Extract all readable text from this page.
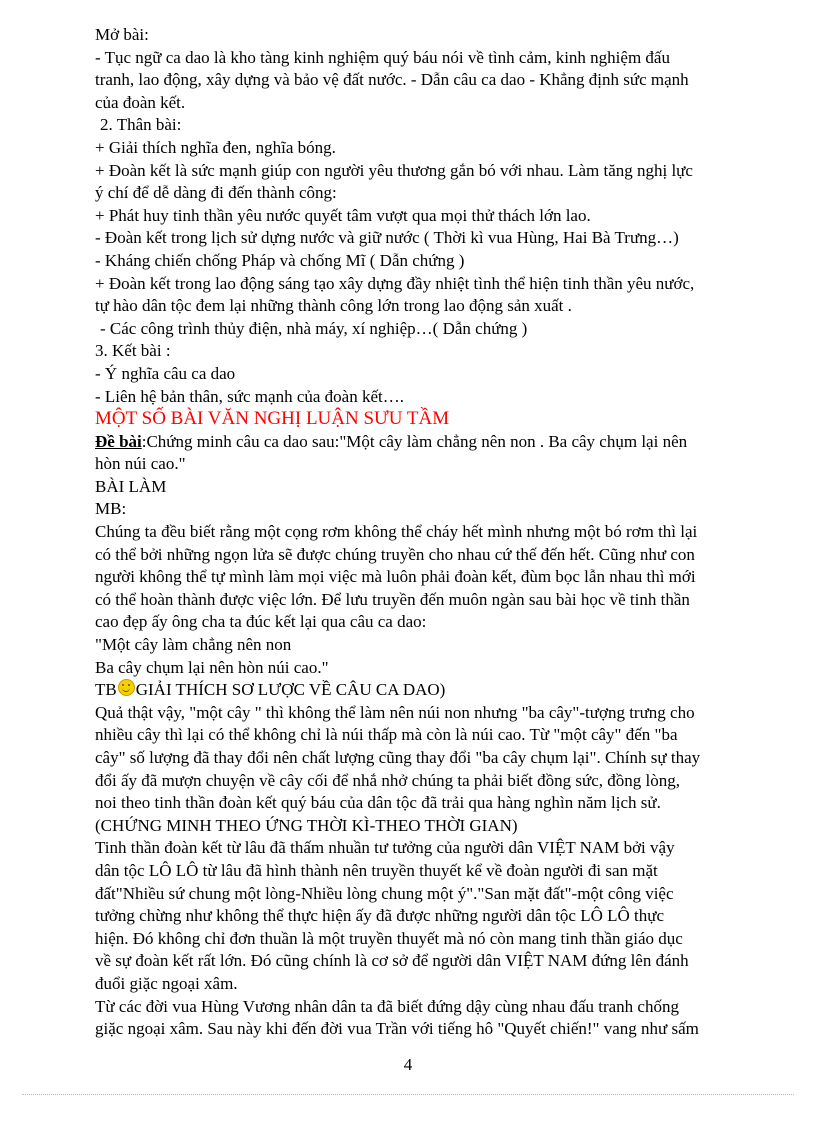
Mở bài:

- Tục ngữ ca dao là kho tàng kinh nghiệm quý báu nói về tình cảm, kinh nghiệm đấu

tranh, lao động, xây dựng và bảo vệ đất nước. - Dẫn câu ca dao - Khẳng định sức mạnh

của đoàn kết.

2. Thân bài:

+ Giải thích nghĩa đen, nghĩa bóng.

+ Đoàn kết là sức mạnh giúp con người yêu thương gắn bó với nhau. Làm tăng nghị lực

ý chí để dễ dàng đi đến thành công:

+ Phát huy tinh thần yêu nước quyết tâm vượt qua mọi thử thách lớn lao.

- Đoàn kết trong lịch sử dựng nước và giữ nước ( Thời kì vua Hùng, Hai Bà Trưng…)

- Kháng chiến chống Pháp và chống Mĩ ( Dẫn chứng )

+ Đoàn kết trong lao động sáng tạo xây dựng đầy nhiệt tình thể hiện tinh thần yêu nước,

tự hào dân tộc đem lại những thành công lớn trong lao động sản xuất .

- Các công trình thủy điện, nhà máy, xí nghiệp…( Dẫn chứng )

3. Kết bài :

- Ý nghĩa câu ca dao

- Liên hệ bản thân, sức mạnh của đoàn kết….

MỘT SỐ BÀI VĂN NGHỊ LUẬN SƯU TẦM

Đề bài:Chứng minh câu ca dao sau:"Một cây làm chẳng nên non . Ba cây chụm lại nên

hòn núi cao."

BÀI LÀM

MB:

Chúng ta đều biết rằng một cọng rơm không thể cháy hết mình nhưng một bó rơm thì lại

có thể bởi những ngọn lửa sẽ được chúng truyền cho nhau cứ thế đến hết. Cũng như con

người không thể tự mình làm mọi việc mà luôn phải đoàn kết, đùm bọc lẫn nhau thì mới

có thể hoàn thành được việc lớn. Để lưu truyền đến muôn ngàn sau bài học về tinh thần

cao đẹp ấy ông cha ta đúc kết lại qua câu ca dao:

"Một cây làm chẳng nên non

Ba cây chụm lại nên hòn núi cao."

TB GIẢI THÍCH SƠ LƯỢC VỀ CÂU CA DAO)

Quả thật vậy, "một cây " thì không thể làm nên núi non nhưng "ba cây"-tượng trưng cho

nhiều cây thì lại có thể không chỉ là núi thấp mà còn là núi cao. Từ "một cây" đến "ba

cây" số lượng đã thay đổi nên chất lượng cũng thay đổi "ba cây chụm lại". Chính sự thay

đổi ấy đã mượn chuyện về cây cối để nhắ nhở chúng ta phải biết đồng sức, đồng lòng,

noi theo tinh thần đoàn kết quý báu của dân tộc đã trải qua hàng nghìn năm lịch sử.

(CHỨNG MINH THEO ỨNG THỜI KÌ-THEO THỜI GIAN)

Tinh thần đoàn kết từ lâu đã thấm nhuần tư tưởng của người dân VIỆT NAM bởi vậy

dân tộc LÔ LÔ từ lâu đã hình thành nên truyền thuyết kể về đoàn người đi san mặt

đất"Nhiều sứ chung một lòng-Nhiều lòng chung một ý"."San mặt đất"-một công việc

tưởng chừng như không thể thực hiện ấy đã được những người dân tộc LÔ LÔ thực

hiện. Đó không chỉ đơn thuần là một truyền thuyết mà nó còn mang tinh thần giáo dục

về sự đoàn kết rất lớn. Đó cũng chính là cơ sở để người dân VIỆT NAM đứng lên đánh

đuổi giặc ngoại xâm.

Từ các đời vua Hùng Vương nhân dân ta đã biết đứng dậy cùng nhau đấu tranh chống

giặc ngoại xâm. Sau này khi đến đời vua Trần với tiếng hô "Quyết chiến!" vang như sấm

4
